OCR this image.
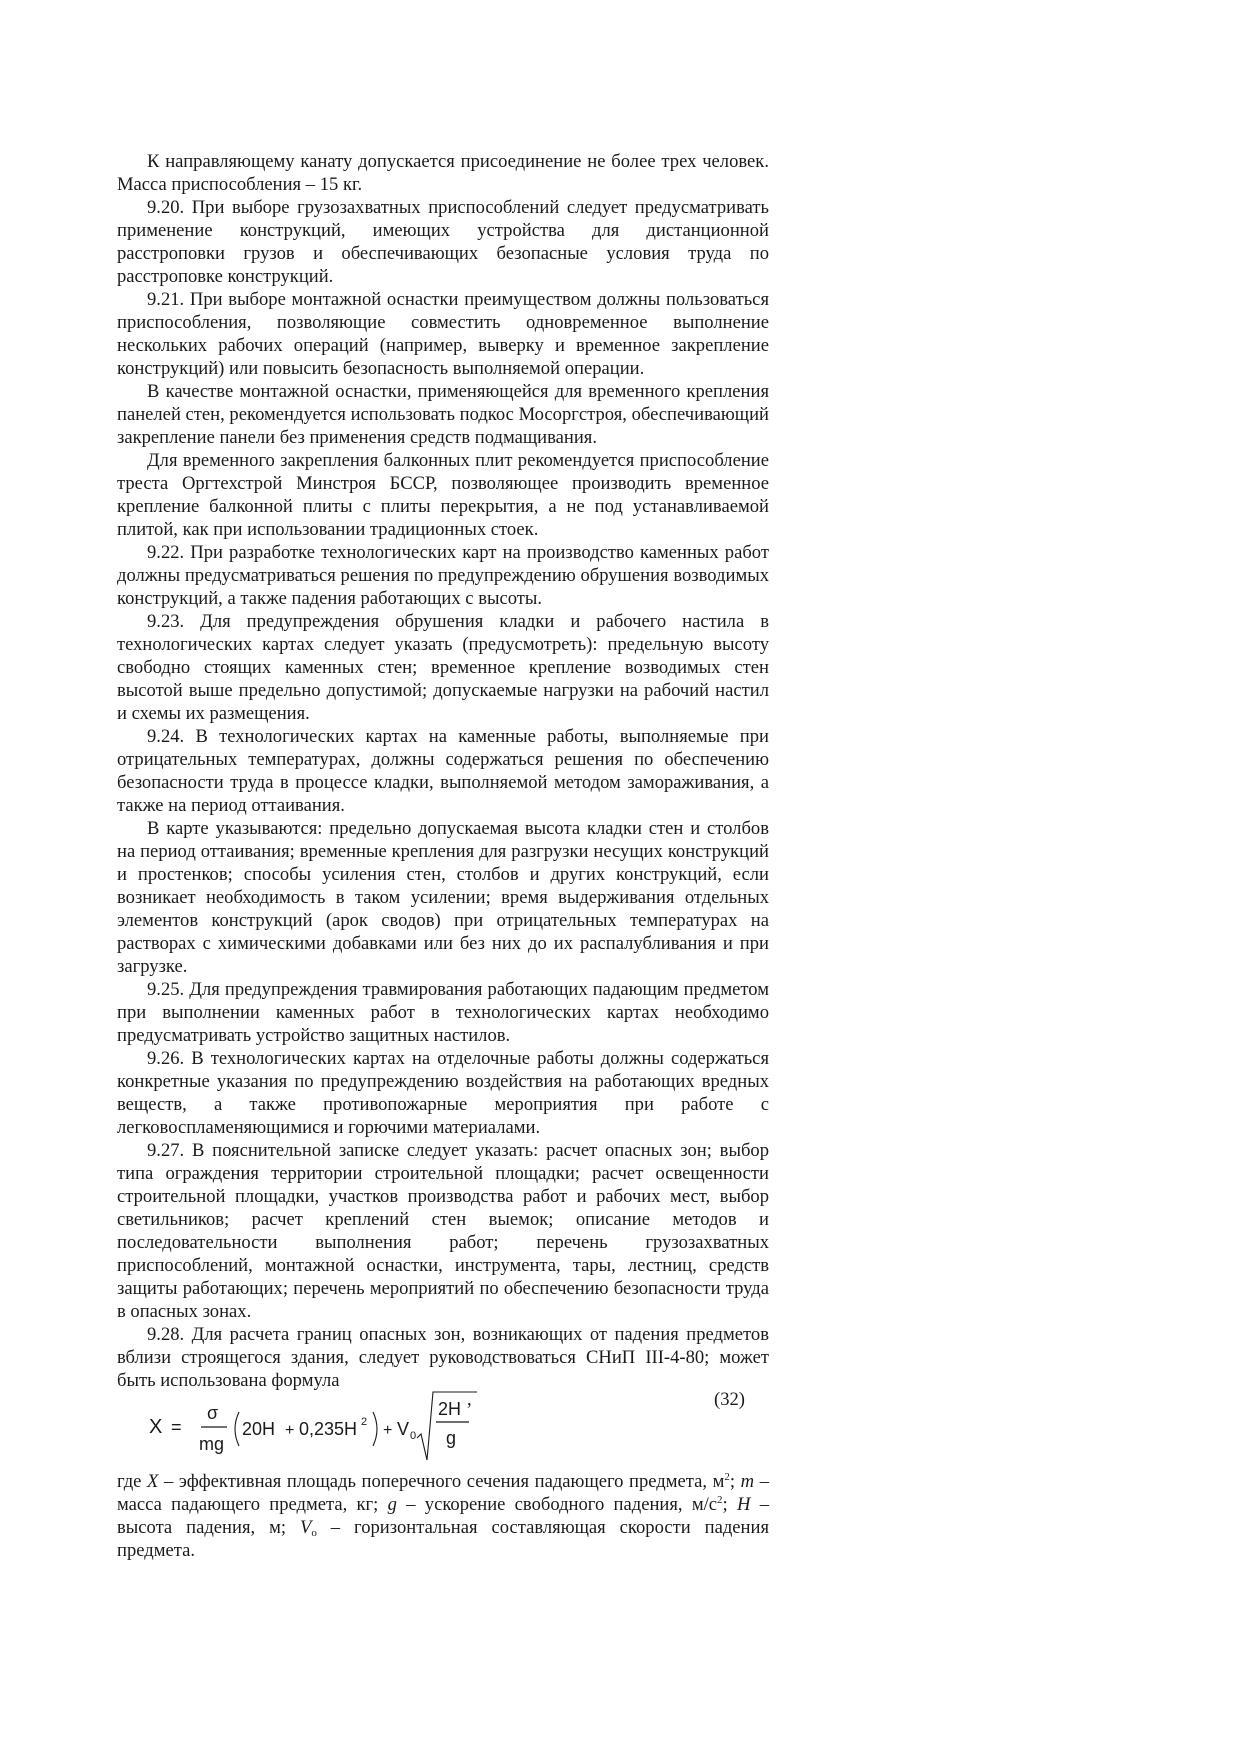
К направляющему канату допускается присоединение не более трех человек. Масса приспособления – 15 кг.

9.20. При выборе грузозахватных приспособлений следует предусматривать применение конструкций, имеющих устройства для дистанционной расстроповки грузов и обеспечивающих безопасные условия труда по расстроповке конструкций.

9.21. При выборе монтажной оснастки преимуществом должны пользоваться приспособления, позволяющие совместить одновременное выполнение нескольких рабочих операций (например, выверку и временное закрепление конструкций) или повысить безопасность выполняемой операции.

В качестве монтажной оснастки, применяющейся для временного крепления панелей стен, рекомендуется использовать подкос Мосоргстроя, обеспечивающий закрепление панели без применения средств подмащивания.

Для временного закрепления балконных плит рекомендуется приспособление треста Оргтехстрой Минстроя БССР, позволяющее производить временное крепление балконной плиты с плиты перекрытия, а не под устанавливаемой плитой, как при использовании традиционных стоек.

9.22. При разработке технологических карт на производство каменных работ должны предусматриваться решения по предупреждению обрушения возводимых конструкций, а также падения работающих с высоты.

9.23. Для предупреждения обрушения кладки и рабочего настила в технологических картах следует указать (предусмотреть): предельную высоту свободно стоящих каменных стен; временное крепление возводимых стен высотой выше предельно допустимой; допускаемые нагрузки на рабочий настил и схемы их размещения.

9.24. В технологических картах на каменные работы, выполняемые при отрицательных температурах, должны содержаться решения по обеспечению безопасности труда в процессе кладки, выполняемой методом замораживания, а также на период оттаивания.

В карте указываются: предельно допускаемая высота кладки стен и столбов на период оттаивания; временные крепления для разгрузки несущих конструкций и простенков; способы усиления стен, столбов и других конструкций, если возникает необходимость в таком усилении; время выдерживания отдельных элементов конструкций (арок сводов) при отрицательных температурах на растворах с химическими добавками или без них до их распалубливания и при загрузке.

9.25. Для предупреждения травмирования работающих падающим предметом при выполнении каменных работ в технологических картах необходимо предусматривать устройство защитных настилов.

9.26. В технологических картах на отделочные работы должны содержаться конкретные указания по предупреждению воздействия на работающих вредных веществ, а также противопожарные мероприятия при работе с легковоспламеняющимися и горючими материалами.

9.27. В пояснительной записке следует указать: расчет опасных зон; выбор типа ограждения территории строительной площадки; расчет освещенности строительной площадки, участков производства работ и рабочих мест, выбор светильников; расчет креплений стен выемок; описание методов и последовательности выполнения работ; перечень грузозахватных приспособлений, монтажной оснастки, инструмента, тары, лестниц, средств защиты работающих; перечень мероприятий по обеспечению безопасности труда в опасных зонах.

9.28. Для расчета границ опасных зон, возникающих от падения предметов вблизи строящегося здания, следует руководствоваться СНиП III-4-80; может быть использована формула

,	(32)
X =
σ
mg
20H + 0,235H 2 + V 0
2H
g

где X – эффективная площадь поперечного сечения падающего предмета, $м^2$; m – масса падающего предмета, кг; g – ускорение свободного падения, $м/с^2$; H – высота падения, м; $V_о$ – горизонтальная составляющая скорости падения предмета.
